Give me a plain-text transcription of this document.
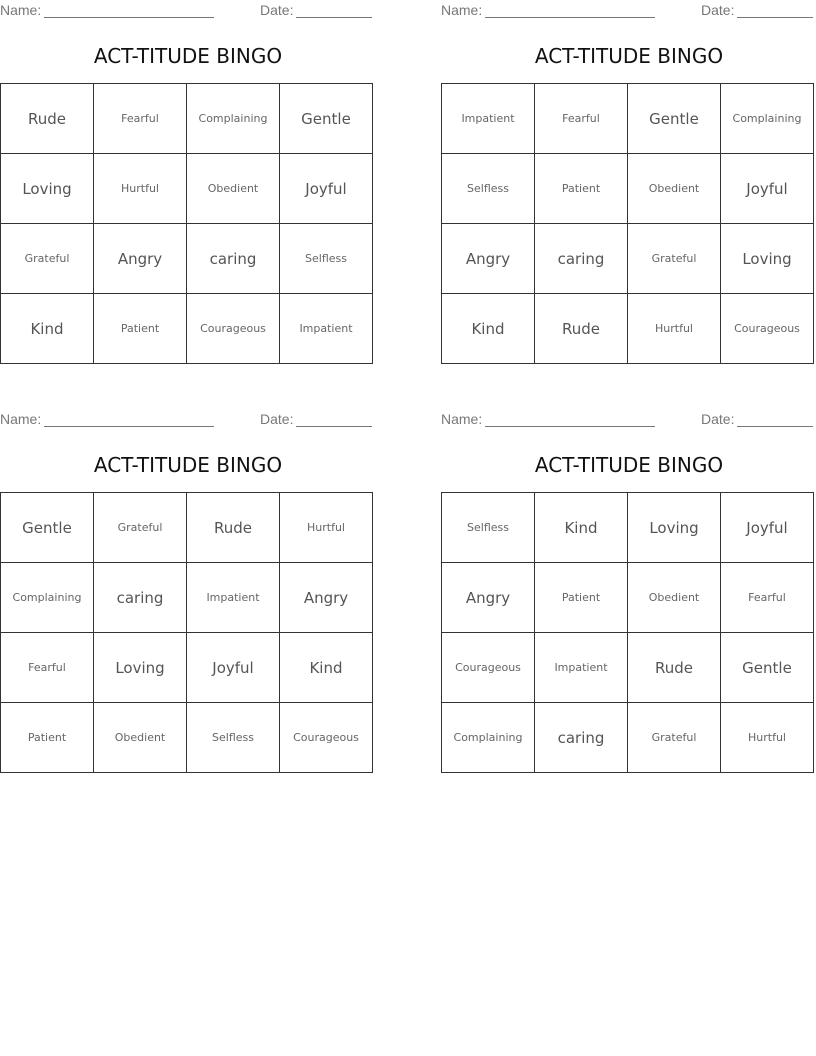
Name:	Date:
ACT-TITUDE BINGO
Rude	Fearful	Complaining	Gentle
Loving	Hurtful	Obedient	Joyful
Grateful	Angry	caring	Selfless
Kind	Patient	Courageous	Impatient
Name:	Date:
ACT-TITUDE BINGO
Impatient	Fearful	Gentle	Complaining
Selfless	Patient	Obedient	Joyful
Angry	caring	Grateful	Loving
Kind	Rude	Hurtful	Courageous
Name:	Date:
ACT-TITUDE BINGO
Gentle	Grateful	Rude	Hurtful
Complaining	caring	Impatient	Angry
Fearful	Loving	Joyful	Kind
Patient	Obedient	Selfless	Courageous
Name:	Date:
ACT-TITUDE BINGO
Selfless	Kind	Loving	Joyful
Angry	Patient	Obedient	Fearful
Courageous	Impatient	Rude	Gentle
Complaining	caring	Grateful	Hurtful
